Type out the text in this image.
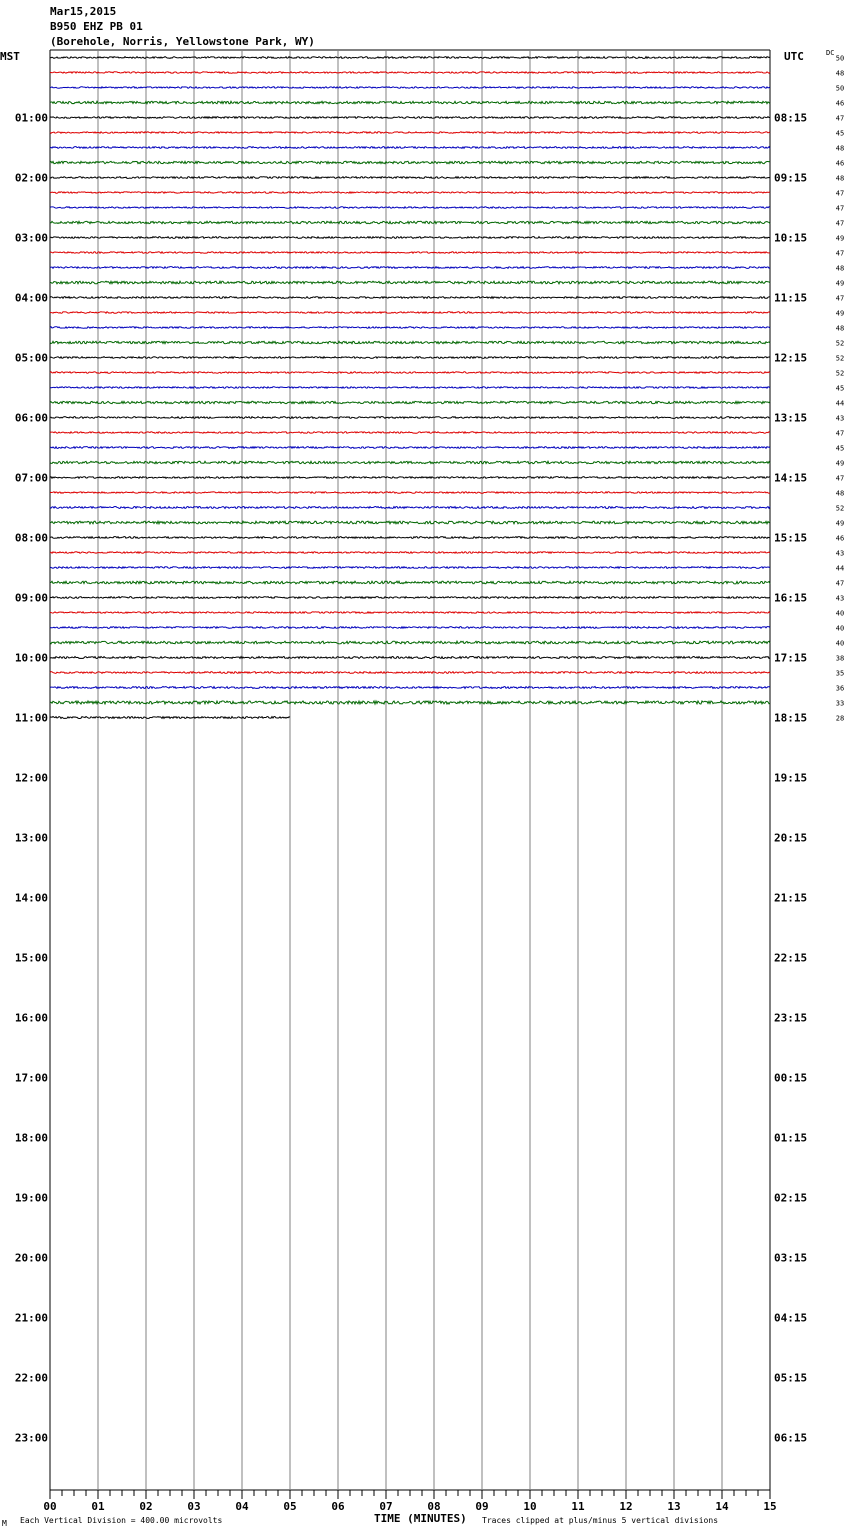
Mar15,2015
B950 EHZ PB 01
(Borehole, Norris, Yellowstone Park, WY)
MST	UTC	DC
00	01	02	03	04	05	06	07	08	09	10	11	12	13	14	15
01:00
02:00
03:00
04:00
05:00
06:00
07:00
08:00
09:00
10:00
11:00
12:00
13:00
14:00
15:00
16:00
17:00
18:00
19:00
20:00
21:00
22:00
23:00
08:15
09:15
10:15
11:15
12:15
13:15
14:15
15:15
16:15
17:15
18:15
19:15
20:15
21:15
22:15
23:15
00:15
01:15
02:15
03:15
04:15
05:15
06:15
50
48
50
46
47
45
48
46
48
47
47
47
49
47
48
49
47
49
48
52
52
52
45
44
43
47
45
49
47
48
52
49
46
43
44
47
43
40
40
40
38
35
36
33
28
M Each Vertical Division = 400.00 microvolts	TIME (MINUTES) Traces clipped at plus/minus 5 vertical divisions
